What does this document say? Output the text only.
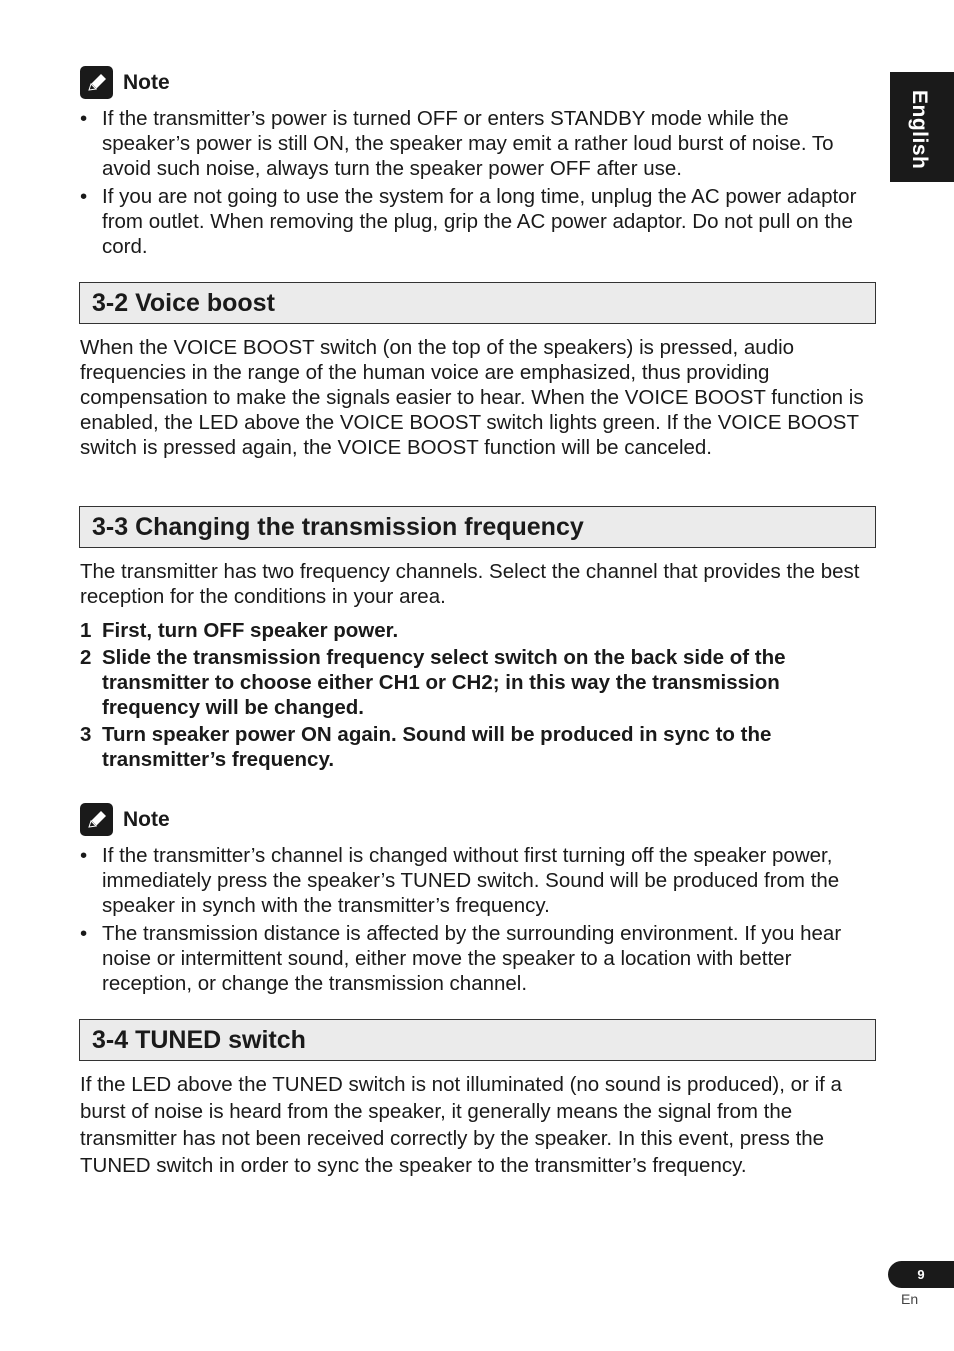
Note
• If the transmitter’s power is turned OFF or enters STANDBY mode while the speaker’s power is still ON, the speaker may emit a rather loud burst of noise. To avoid such noise, always turn the speaker power OFF after use.
• If you are not going to use the system for a long time, unplug the AC power adaptor from outlet. When removing the plug, grip the AC power adaptor. Do not pull on the cord.
3-2 Voice boost

When the VOICE BOOST switch (on the top of the speakers) is pressed, audio frequencies in the range of the human voice are emphasized, thus providing compensation to make the signals easier to hear. When the VOICE BOOST function is enabled, the LED above the VOICE BOOST switch lights green. If the VOICE BOOST switch is pressed again, the VOICE BOOST function will be canceled.

3-3 Changing the transmission frequency

The transmitter has two frequency channels. Select the channel that provides the best reception for the conditions in your area.

1 First, turn OFF speaker power.
2 Slide the transmission frequency select switch on the back side of the transmitter to choose either CH1 or CH2; in this way the transmission frequency will be changed.
3 Turn speaker power ON again. Sound will be produced in sync to the transmitter’s frequency.
Note
• If the transmitter’s channel is changed without first turning off the speaker power, immediately press the speaker’s TUNED switch. Sound will be produced from the speaker in synch with the transmitter’s frequency.
• The transmission distance is affected by the surrounding environment. If you hear noise or intermittent sound, either move the speaker to a location with better reception, or change the transmission channel.
3-4 TUNED switch

If the LED above the TUNED switch is not illuminated (no sound is produced), or if a burst of noise is heard from the speaker, it generally means the signal from the transmitter has not been received correctly by the speaker. In this event, press the TUNED switch in order to sync the speaker to the transmitter’s frequency.

English
9
En
